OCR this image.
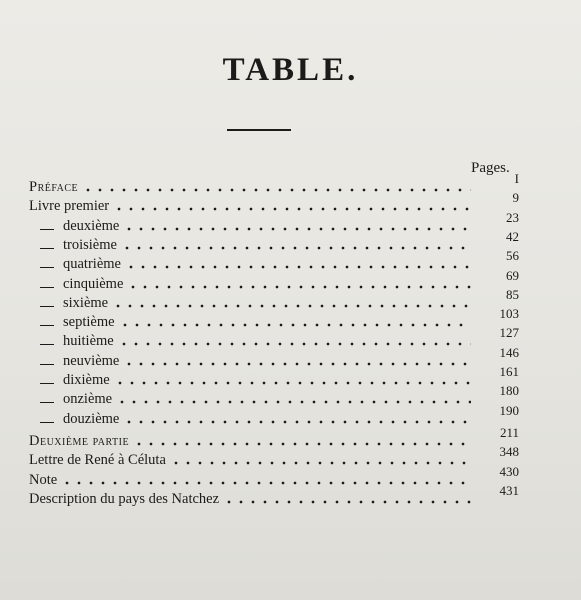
TABLE.
Pages.
Préface
I
Livre premier
9
deuxième
23
troisième
42
quatrième
56
cinquième
69
sixième
85
septième
103
huitième
127
neuvième
146
dixième
161
onzième
180
douzième
190
Deuxième partie
211
Lettre de René à Céluta
348
Note
430
Description du pays des Natchez
431
